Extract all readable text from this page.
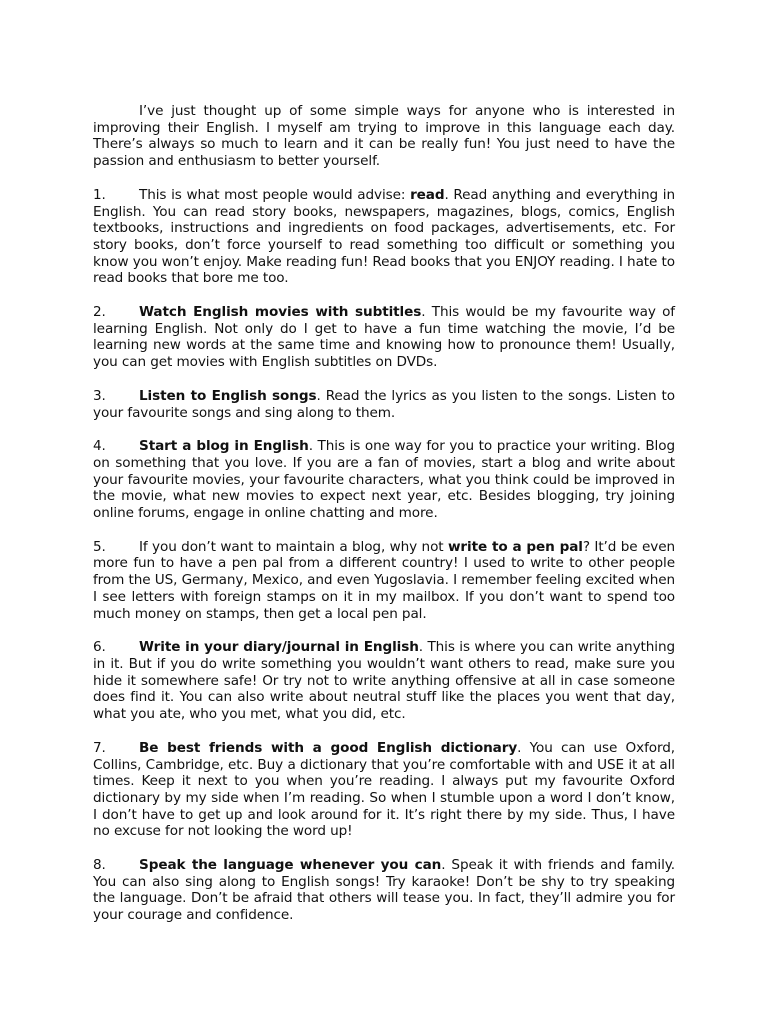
I’ve just thought up of some simple ways for anyone who is interested in improving their English. I myself am trying to improve in this language each day. There’s always so much to learn and it can be really fun! You just need to have the passion and enthusiasm to better yourself.

1. This is what most people would advise: read. Read anything and everything in English. You can read story books, newspapers, magazines, blogs, comics, English textbooks, instructions and ingredients on food packages, advertisements, etc. For story books, don’t force yourself to read something too difficult or something you know you won’t enjoy. Make reading fun! Read books that you ENJOY reading. I hate to read books that bore me too.

2. Watch English movies with subtitles. This would be my favourite way of learning English. Not only do I get to have a fun time watching the movie, I’d be learning new words at the same time and knowing how to pronounce them! Usually, you can get movies with English subtitles on DVDs.

3. Listen to English songs. Read the lyrics as you listen to the songs. Listen to your favourite songs and sing along to them.

4. Start a blog in English. This is one way for you to practice your writing. Blog on something that you love. If you are a fan of movies, start a blog and write about your favourite movies, your favourite characters, what you think could be improved in the movie, what new movies to expect next year, etc. Besides blogging, try joining online forums, engage in online chatting and more.

5. If you don’t want to maintain a blog, why not write to a pen pal? It’d be even more fun to have a pen pal from a different country! I used to write to other people from the US, Germany, Mexico, and even Yugoslavia. I remember feeling excited when I see letters with foreign stamps on it in my mailbox. If you don’t want to spend too much money on stamps, then get a local pen pal.

6. Write in your diary/journal in English. This is where you can write anything in it. But if you do write something you wouldn’t want others to read, make sure you hide it somewhere safe! Or try not to write anything offensive at all in case someone does find it. You can also write about neutral stuff like the places you went that day, what you ate, who you met, what you did, etc.

7. Be best friends with a good English dictionary. You can use Oxford, Collins, Cambridge, etc. Buy a dictionary that you’re comfortable with and USE it at all times. Keep it next to you when you’re reading. I always put my favourite Oxford dictionary by my side when I’m reading. So when I stumble upon a word I don’t know, I don’t have to get up and look around for it. It’s right there by my side. Thus, I have no excuse for not looking the word up!

8. Speak the language whenever you can. Speak it with friends and family. You can also sing along to English songs! Try karaoke! Don’t be shy to try speaking the language. Don’t be afraid that others will tease you. In fact, they’ll admire you for your courage and confidence.
